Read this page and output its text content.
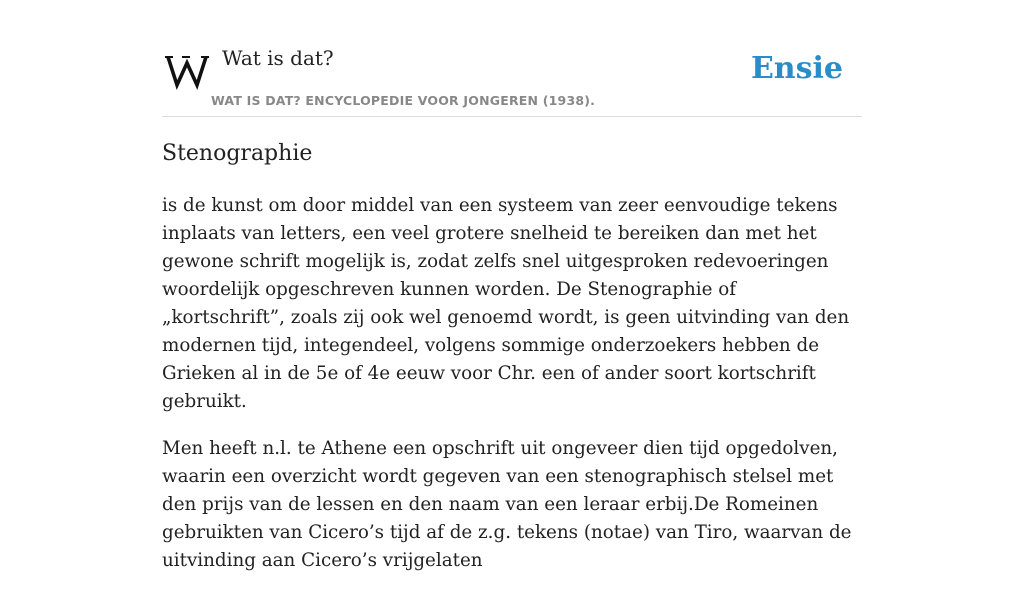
Wat is dat?	Ensie
WAT IS DAT? ENCYCLOPEDIE VOOR JONGEREN (1938).
Stenographie

is de kunst om door middel van een systeem van zeer eenvoudige tekens inplaats van letters, een veel grotere snelheid te bereiken dan met het gewone schrift mogelijk is, zodat zelfs snel uitgesproken redevoeringen woordelijk opgeschreven kunnen worden. De Stenographie of „kortschrift”, zoals zij ook wel genoemd wordt, is geen uitvinding van den modernen tijd, integendeel, volgens sommige onderzoekers hebben de Grieken al in de 5e of 4e eeuw voor Chr. een of ander soort kortschrift gebruikt.

Men heeft n.l. te Athene een opschrift uit ongeveer dien tijd opgedolven, waarin een overzicht wordt gegeven van een stenographisch stelsel met den prijs van de lessen en den naam van een leraar erbij.De Romeinen gebruikten van Cicero’s tijd af de z.g. tekens (notae) van Tiro, waarvan de uitvinding aan Cicero’s vrijgelaten
